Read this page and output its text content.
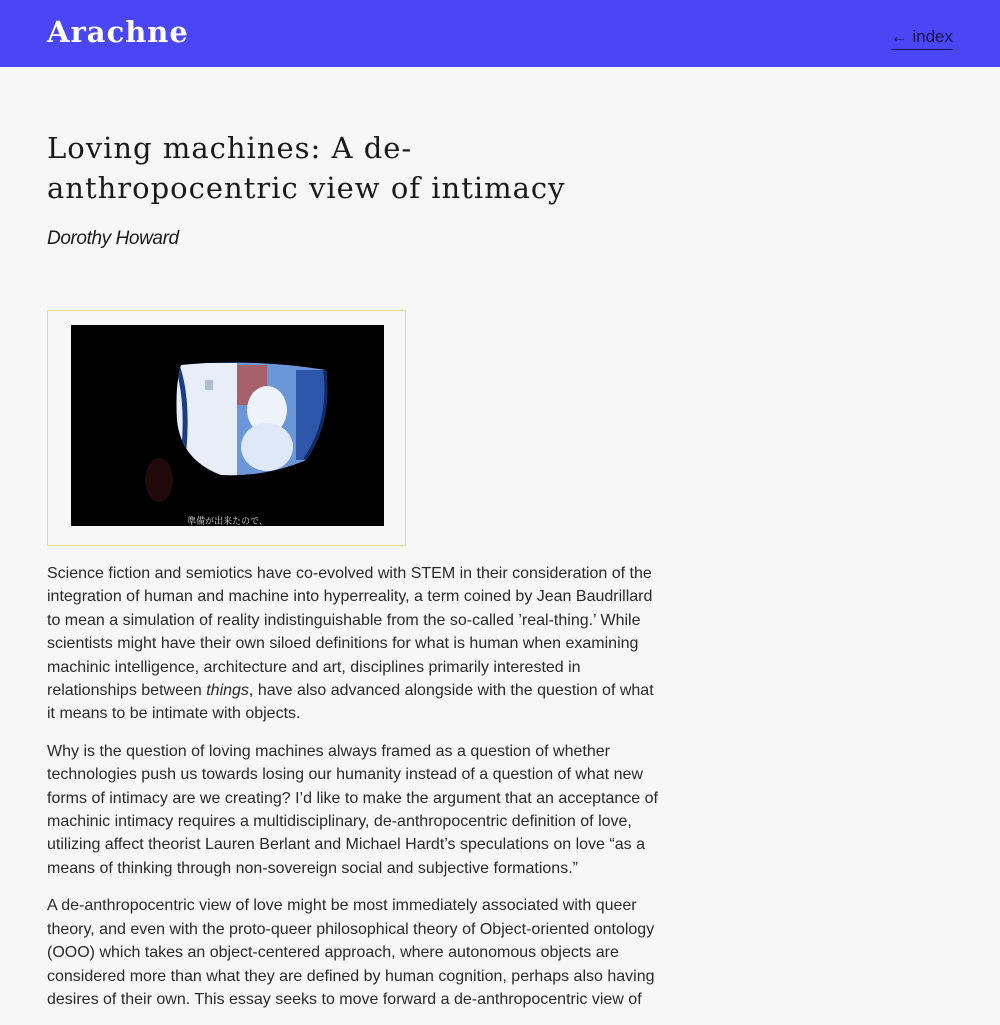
Arachne	← index
Loving machines: A de-anthropocentric view of intimacy

Dorothy Howard

準備が出来たので、

Science fiction and semiotics have co-evolved with STEM in their consideration of the integration of human and machine into hyperreality, a term coined by Jean Baudrillard to mean a simulation of reality indistinguishable from the so-called ’real-thing.’ While scientists might have their own siloed definitions for what is human when examining machinic intelligence, architecture and art, disciplines primarily interested in relationships between things, have also advanced alongside with the question of what it means to be intimate with objects.

Why is the question of loving machines always framed as a question of whether technologies push us towards losing our humanity instead of a question of what new forms of intimacy are we creating? I’d like to make the argument that an acceptance of machinic intimacy requires a multidisciplinary, de-anthropocentric definition of love, utilizing affect theorist Lauren Berlant and Michael Hardt’s speculations on love “as a means of thinking through non-sovereign social and subjective formations.”

A de-anthropocentric view of love might be most immediately associated with queer theory, and even with the proto-queer philosophical theory of Object-oriented ontology (OOO) which takes an object-centered approach, where autonomous objects are considered more than what they are defined by human cognition, perhaps also having desires of their own. This essay seeks to move forward a de-anthropocentric view of
